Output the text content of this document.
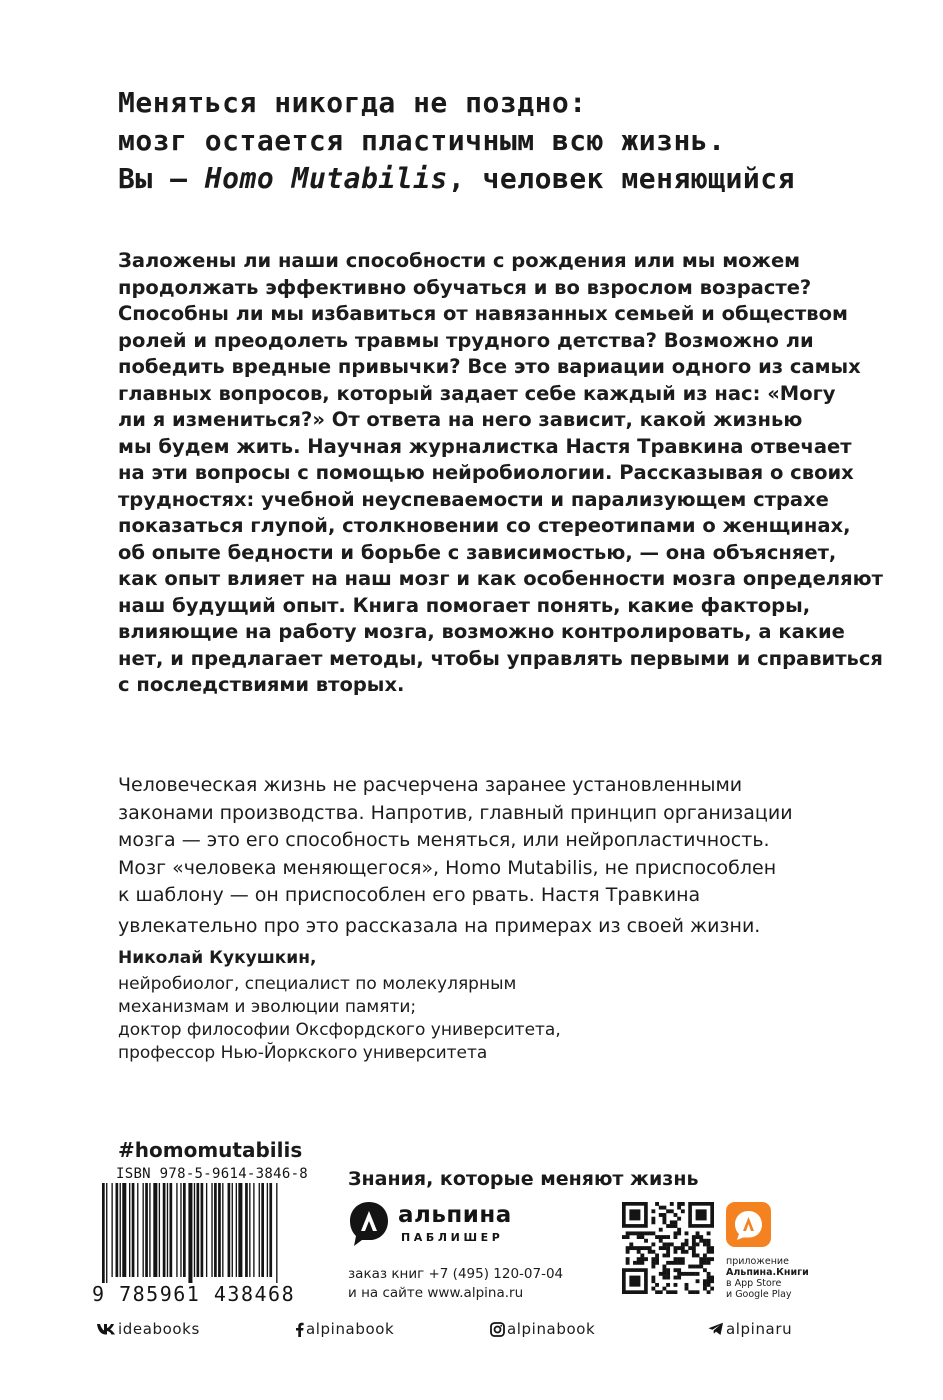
Меняться никогда не поздно:
мозг остается пластичным всю жизнь.
Вы – Homo Mutabilis, человек меняющийся
Заложены ли наши способности с рождения или мы можем
продолжать эффективно обучаться и во взрослом возрасте?
Способны ли мы избавиться от навязанных семьей и обществом
ролей и преодолеть травмы трудного детства? Возможно ли
победить вредные привычки? Все это вариации одного из самых
главных вопросов, который задает себе каждый из нас: «Могу
ли я измениться?» От ответа на него зависит, какой жизнью
мы будем жить. Научная журналистка Настя Травкина отвечает
на эти вопросы с помощью нейробиологии. Рассказывая о своих
трудностях: учебной неуспеваемости и парализующем страхе
показаться глупой, столкновении со стереотипами о женщинах,
об опыте бедности и борьбе с зависимостью, — она объясняет,
как опыт влияет на наш мозг и как особенности мозга определяют
наш будущий опыт. Книга помогает понять, какие факторы,
влияющие на работу мозга, возможно контролировать, а какие
нет, и предлагает методы, чтобы управлять первыми и справиться
с последствиями вторых.
Человеческая жизнь не расчерчена заранее установленными
законами производства. Напротив, главный принцип организации
мозга — это его способность меняться, или нейропластичность.
Мозг «человека меняющегося», Homo Mutabilis, не приспособлен
к шаблону — он приспособлен его рвать. Настя Травкина
увлекательно про это рассказала на примерах из своей жизни.
Николай Кукушкин,
нейробиолог, специалист по молекулярным
механизмам и эволюции памяти;
доктор философии Оксфордского университета,
профессор Нью-Йоркского университета
#homomutabilis
ISBN 978-5-9614-3846-8
9 785961 438468
Знания, которые меняют жизнь
альпина
ПАБЛИШЕР
заказ книг +7 (495) 120-07-04
и на сайте www.alpina.ru
приложение
Альпина.Книги
в App Store
и Google Play
ideabooks	alpinabook	alpinabook	alpinaru
